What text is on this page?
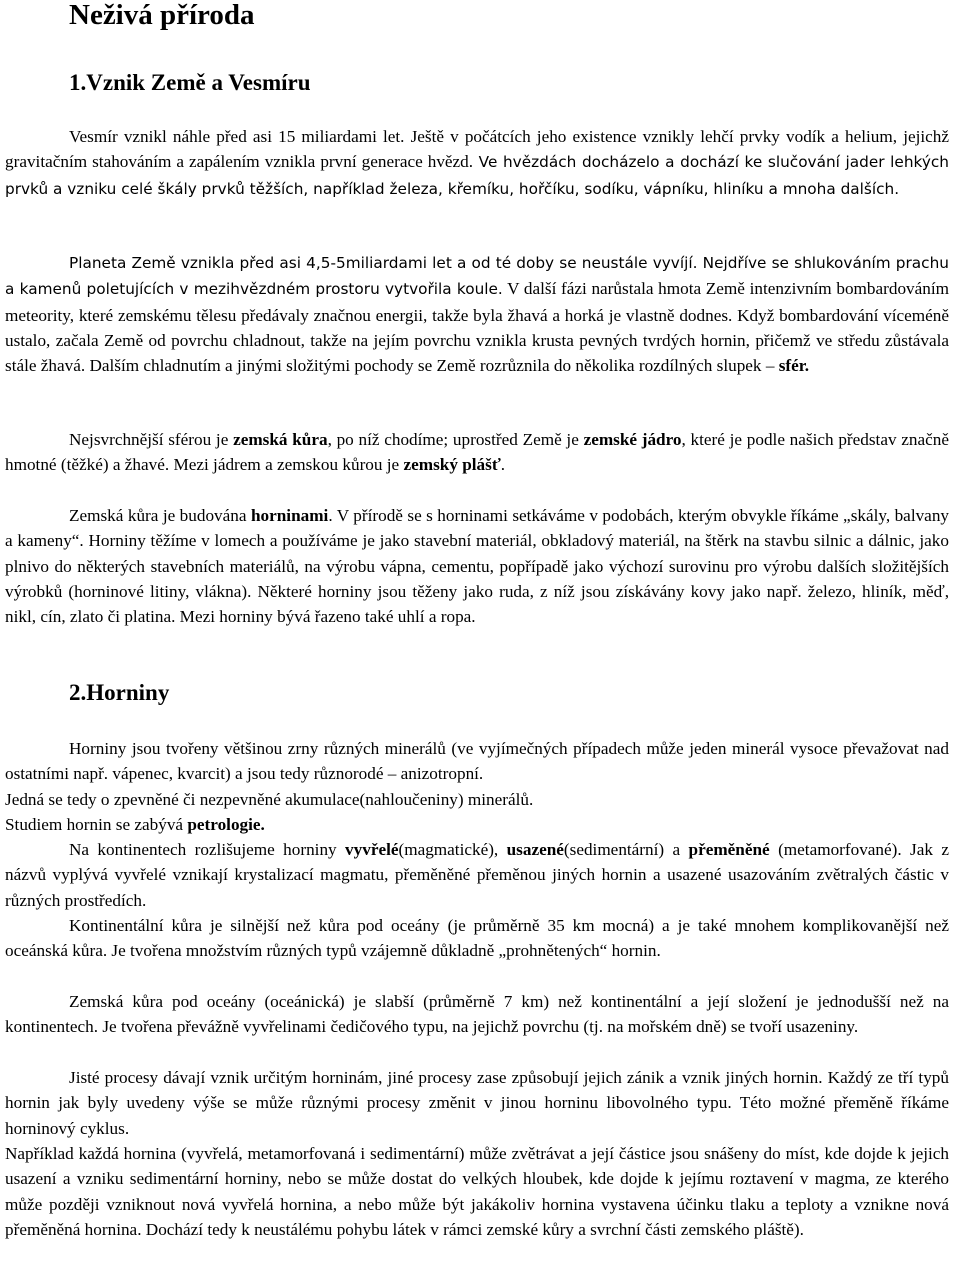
Neživá příroda
1.Vznik Země a Vesmíru

Vesmír vznikl náhle před asi 15 miliardami let. Ještě v počátcích jeho existence vznikly lehčí prvky vodík a helium, jejichž gravitačním stahováním a zapálením vznikla první generace hvězd. Ve hvězdách docházelo a dochází ke slučování jader lehkých prvků a vzniku celé škály prvků těžších, například železa, křemíku, hořčíku, sodíku, vápníku, hliníku a mnoha dalších.

Planeta Země vznikla před asi 4,5-5miliardami let a od té doby se neustále vyvíjí. Nejdříve se shlukováním prachu a kamenů poletujících v mezihvězdném prostoru vytvořila koule. V další fázi narůstala hmota Země intenzivním bombardováním meteority, které zemskému tělesu předávaly značnou energii, takže byla žhavá a horká je vlastně dodnes. Když bombardování víceméně ustalo, začala Země od povrchu chladnout, takže na jejím povrchu vznikla krusta pevných tvrdých hornin, přičemž ve středu zůstávala stále žhavá. Dalším chladnutím a jinými složitými pochody se Země rozrůznila do několika rozdílných slupek – sfér.

Nejsvrchnější sférou je zemská kůra, po níž chodíme; uprostřed Země je zemské jádro, které je podle našich představ značně hmotné (těžké) a žhavé. Mezi jádrem a zemskou kůrou je zemský plášť.

Zemská kůra je budována horninami. V přírodě se s horninami setkáváme v podobách, kterým obvykle říkáme „skály, balvany a kameny“. Horniny těžíme v lomech a používáme je jako stavební materiál, obkladový materiál, na štěrk na stavbu silnic a dálnic, jako plnivo do některých stavebních materiálů, na výrobu vápna, cementu, popřípadě jako výchozí surovinu pro výrobu dalších složitějších výrobků (horninové litiny, vlákna). Některé horniny jsou těženy jako ruda, z níž jsou získávány kovy jako např. železo, hliník, měď, nikl, cín, zlato či platina. Mezi horniny bývá řazeno také uhlí a ropa.

2.Horniny

Horniny jsou tvořeny většinou zrny různých minerálů (ve vyjímečných případech může jeden minerál vysoce převažovat nad ostatními např. vápenec, kvarcit) a jsou tedy různorodé – anizotropní.

Jedná se tedy o zpevněné či nezpevněné akumulace(nahloučeniny) minerálů.

Studiem hornin se zabývá petrologie.

Na kontinentech rozlišujeme horniny vyvřelé(magmatické), usazené(sedimentární) a přeměněné (metamorfované). Jak z názvů vyplývá vyvřelé vznikají krystalizací magmatu, přeměněné přeměnou jiných hornin a usazené usazováním zvětralých částic v různých prostředích.

Kontinentální kůra je silnější než kůra pod oceány (je průměrně 35 km mocná) a je také mnohem komplikovanější než oceánská kůra. Je tvořena množstvím různých typů vzájemně důkladně „prohnětených“ hornin.

Zemská kůra pod oceány (oceánická) je slabší (průměrně 7 km) než kontinentální a její složení je jednodušší než na kontinentech. Je tvořena převážně vyvřelinami čedičového typu, na jejichž povrchu (tj. na mořském dně) se tvoří usazeniny.

Jisté procesy dávají vznik určitým horninám, jiné procesy zase způsobují jejich zánik a vznik jiných hornin. Každý ze tří typů hornin jak byly uvedeny výše se může různými procesy změnit v jinou horninu libovolného typu. Této možné přeměně říkáme horninový cyklus.

Například každá hornina (vyvřelá, metamorfovaná i sedimentární) může zvětrávat a její částice jsou snášeny do míst, kde dojde k jejich usazení a vzniku sedimentární horniny, nebo se může dostat do velkých hloubek, kde dojde k jejímu roztavení v magma, ze kterého může později vzniknout nová vyvřelá hornina, a nebo může být jakákoliv hornina vystavena účinku tlaku a teploty a vznikne nová přeměněná hornina. Dochází tedy k neustálému pohybu látek v rámci zemské kůry a svrchní části zemského pláště).
